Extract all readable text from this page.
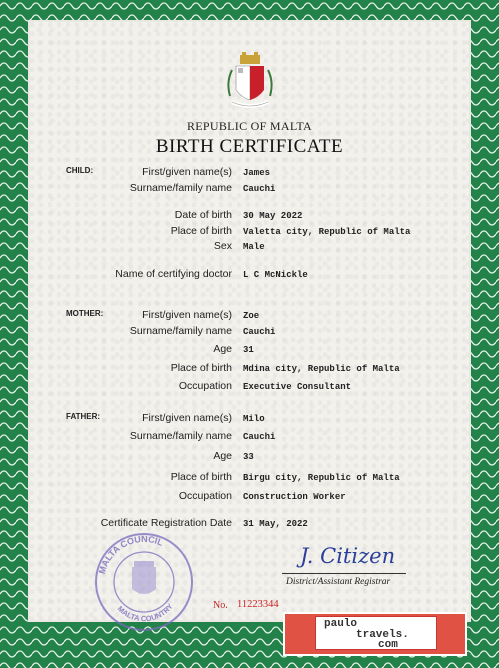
REPUBLIC OF MALTA
BIRTH CERTIFICATE
CHILD:	First/given name(s) James
Surname/family name Cauchi
Date of birth 30 May 2022
Place of birth Valetta city, Republic of Malta
Sex Male
Name of certifying doctor L C McNickle
MOTHER:	First/given name(s) Zoe
Surname/family name Cauchi
Age 31
Place of birth Mdina city, Republic of Malta
Occupation Executive Consultant
FATHER:	First/given name(s) Milo
Surname/family name Cauchi
Age 33
Place of birth Birgu city, Republic of Malta
Occupation Construction Worker
Certificate Registration Date 31 May, 2022
MALTA COUNCIL
MALTA COUNTRY
J. Citizen
District/Assistant Registrar
No. 11223344
paulo
travels.
com
